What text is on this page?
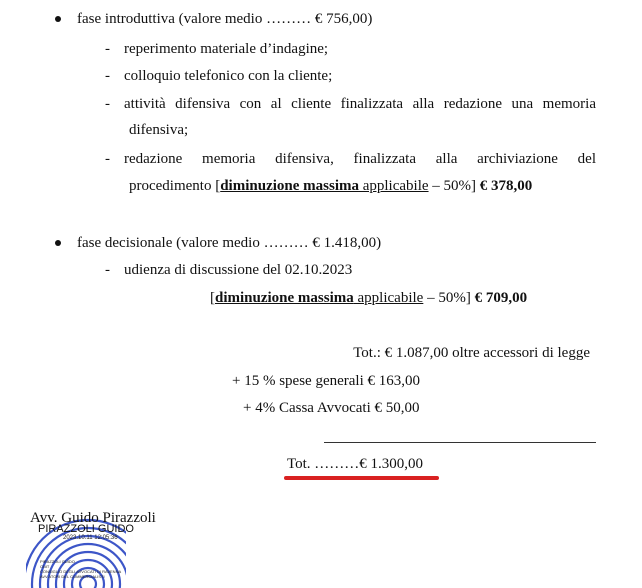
fase introduttiva (valore medio ……… € 756,00)
- reperimento materiale d’indagine;
- colloquio telefonico con la cliente;
- attività difensiva con al cliente finalizzata alla redazione una memoria
difensiva;
- redazione memoria difensiva, finalizzata alla archiviazione del
procedimento [diminuzione massima applicabile – 50%] € 378,00
fase decisionale (valore medio ……… € 1.418,00)
- udienza di discussione del 02.10.2023
[diminuzione massima applicabile – 50%] € 709,00
Tot.: € 1.087,00 oltre accessori di legge
+ 15 % spese generali € 163,00
+ 4% Cassa Avvocati € 50,00
Tot. ………€ 1.300,00
Avv. Guido Pirazzoli
PIRAZZOLI GUIDO
2023.10.11 12:05:36
PIRAZZOLI GUIDO
CNIT
CONSIGLIO DEGLI AVVOCATI DI RAVENNA
AVV.ATORI DEL COMMERCIALISTI
